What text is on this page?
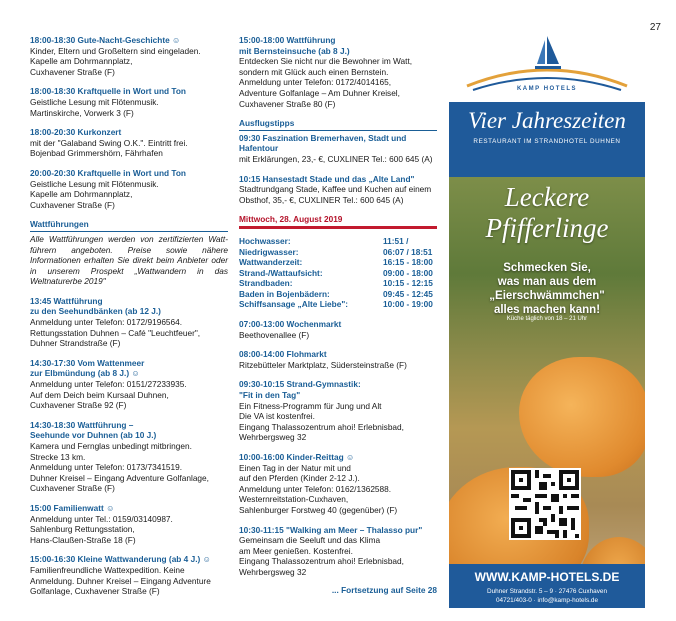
27
18:00-18:30 Gute-Nacht-Geschichte ☺
Kinder, Eltern und Großeltern sind eingeladen.
Kapelle am Dohrmannplatz,
Cuxhavener Straße (F)
18:00-18:30 Kraftquelle in Wort und Ton
Geistliche Lesung mit Flötenmusik.
Martinskirche, Vorwerk 3 (F)
18:00-20:30 Kurkonzert
mit der "Galaband Swing O.K.". Eintritt frei.
Bojenbad Grimmershörn, Fährhafen
20:00-20:30 Kraftquelle in Wort und Ton
Geistliche Lesung mit Flötenmusik.
Kapelle am Dohrmannplatz,
Cuxhavener Straße (F)
Wattführungen
Alle Wattführungen werden von zertifizierten Wattführern angeboten. Preise sowie nähere Informationen erhalten Sie direkt beim Anbieter oder in unserem Prospekt „Wattwandern in das Weltnaturerbe 2019"
13:45 Wattführung
zu den Seehundbänken (ab 12 J.)
Anmeldung unter Telefon: 0172/9196564.
Rettungsstation Duhnen – Café "Leuchtfeuer",
Duhner Strandstraße (F)
14:30-17:30 Vom Wattenmeer
zur Elbmündung (ab 8 J.) ☺
Anmeldung unter Telefon: 0151/27233935.
Auf dem Deich beim Kursaal Duhnen,
Cuxhavener Straße 92 (F)
14:30-18:30 Wattführung –
Seehunde vor Duhnen (ab 10 J.)
Kamera und Fernglas unbedingt mitbringen.
Strecke 13 km.
Anmeldung unter Telefon: 0173/7341519.
Duhner Kreisel – Eingang Adventure Golfanlage,
Cuxhavener Straße (F)
15:00 Familienwatt ☺
Anmeldung unter Tel.: 0159/03140987.
Sahlenburg Rettungsstation,
Hans-Claußen-Straße 18 (F)
15:00-16:30 Kleine Wattwanderung (ab 4 J.) ☺
Familienfreundliche Wattexpedition. Keine
Anmeldung. Duhner Kreisel – Eingang Adventure
Golfanlage, Cuxhavener Straße (F)
15:00-18:00 Wattführung
mit Bernsteinsuche (ab 8 J.)
Entdecken Sie nicht nur die Bewohner im Watt,
sondern mit Glück auch einen Bernstein.
Anmeldung unter Telefon: 0172/4014165,
Adventure Golfanlage – Am Duhner Kreisel,
Cuxhavener Straße 80 (F)
Ausflugstipps
09:30 Faszination Bremerhaven, Stadt und Hafentour
mit Erklärungen, 23,- €, CUXLINER Tel.: 600 645 (A)
10:15 Hansestadt Stade und das „Alte Land"
Stadtrundgang Stade, Kaffee und Kuchen auf einem
Obsthof, 35,- €, CUXLINER Tel.: 600 645 (A)
Mittwoch, 28. August 2019
Hochwasser:	11:51 /
Niedrigwasser:	06:07 / 18:51
Wattwanderzeit:	16:15 - 18:00
Strand-/Wattaufsicht:	09:00 - 18:00
Strandbaden:	10:15 - 12:15
Baden in Bojenbädern:	09:45 - 12:45
Schiffsansage „Alte Liebe":	10:00 - 19:00
07:00-13:00 Wochenmarkt
Beethovenallee (F)
08:00-14:00 Flohmarkt
Ritzebütteler Marktplatz, Südersteinstraße (F)
09:30-10:15 Strand-Gymnastik:
"Fit in den Tag"
Ein Fitness-Programm für Jung und Alt
Die VA ist kostenfrei.
Eingang Thalassozentrum ahoi! Erlebnisbad,
Wehrbergsweg 32
10:00-16:00 Kinder-Reittag ☺
Einen Tag in der Natur mit und
auf den Pferden (Kinder 2-12 J.).
Anmeldung unter Telefon: 0162/1362588.
Westernreitstation-Cuxhaven,
Sahlenburger Forstweg 40 (gegenüber) (F)
10:30-11:15 "Walking am Meer – Thalasso pur"
Gemeinsam die Seeluft und das Klima
am Meer genießen. Kostenfrei.
Eingang Thalassozentrum ahoi! Erlebnisbad,
Wehrbergsweg 32
... Fortsetzung auf Seite 28
KAMP HOTELS
Vier Jahreszeiten
RESTAURANT IM STRANDHOTEL DUHNEN
Leckere
Pfifferlinge
Schmecken Sie,
was man aus dem
„Eierschwämmchen"
alles machen kann!
Küche täglich von 18 – 21 Uhr
WWW.KAMP-HOTELS.DE
Duhner Strandstr. 5 – 9 · 27476 Cuxhaven
04721/403-0 · info@kamp-hotels.de
